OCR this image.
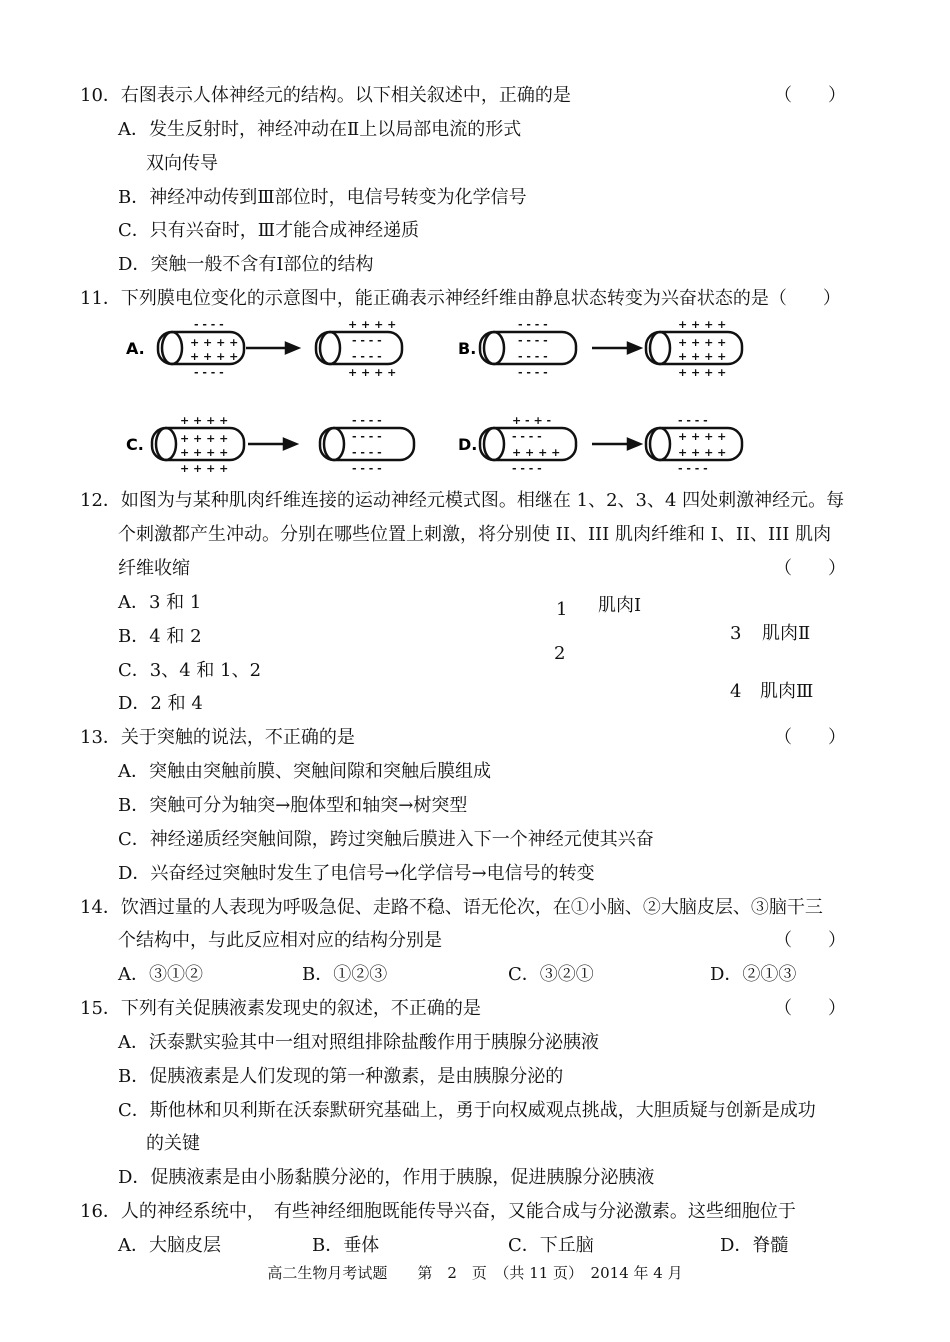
10．右图表示人体神经元的结构。以下相关叙述中，正确的是	（　　）
A．发生反射时，神经冲动在Ⅱ上以局部电流的形式
双向传导
B．神经冲动传到Ⅲ部位时，电信号转变为化学信号
C．只有兴奋时，Ⅲ才能合成神经递质
D．突触一般不含有Ⅰ部位的结构
11．下列膜电位变化的示意图中，能正确表示神经纤维由静息状态转变为兴奋状态的是（　　）
A.
- - - -
+ + + +
+ + + +
- - - -
+ + + +
- - - -
- - - -
+ + + +
B.
- - - -
- - - -
- - - -
- - - -
+ + + +
+ + + +
+ + + +
+ + + +
C.
+ + + +
+ + + +
+ + + +
+ + + +
- - - -
- - - -
- - - -
- - - -
D.
+ - + -
- - - -
+ + + +
- - - -
- - - -
+ + + +
+ + + +
- - - -
12．如图为与某种肌肉纤维连接的运动神经元模式图。相继在 1、2、3、4 四处刺激神经元。每
个刺激都产生冲动。分别在哪些位置上刺激，将分别使 II、III 肌肉纤维和 I、II、III 肌肉
纤维收缩	（　　）
A．3 和 1
B．4 和 2
C．3、4 和 1、2
D．2 和 4
1 肌肉Ⅰ
2
3 肌肉Ⅱ
4 肌肉Ⅲ
13．关于突触的说法，不正确的是	（　　）
A．突触由突触前膜、突触间隙和突触后膜组成
B．突触可分为轴突→胞体型和轴突→树突型
C．神经递质经突触间隙，跨过突触后膜进入下一个神经元使其兴奋
D．兴奋经过突触时发生了电信号→化学信号→电信号的转变
14．饮酒过量的人表现为呼吸急促、走路不稳、语无伦次，在①小脑、②大脑皮层、③脑干三
个结构中，与此反应相对应的结构分别是	（　　）
A．③①②	B．①②③	C．③②①	D．②①③
15．下列有关促胰液素发现史的叙述，不正确的是	（　　）
A．沃泰默实验其中一组对照组排除盐酸作用于胰腺分泌胰液
B．促胰液素是人们发现的第一种激素，是由胰腺分泌的
C．斯他林和贝利斯在沃泰默研究基础上，勇于向权威观点挑战，大胆质疑与创新是成功
的关键
D．促胰液素是由小肠黏膜分泌的，作用于胰腺，促进胰腺分泌胰液
16．人的神经系统中，　有些神经细胞既能传导兴奋，又能合成与分泌激素。这些细胞位于
A．大脑皮层	B．垂体	C．下丘脑	D．脊髓
高二生物月考试题　　第　2　页　（共 11 页）　2014 年 4 月
